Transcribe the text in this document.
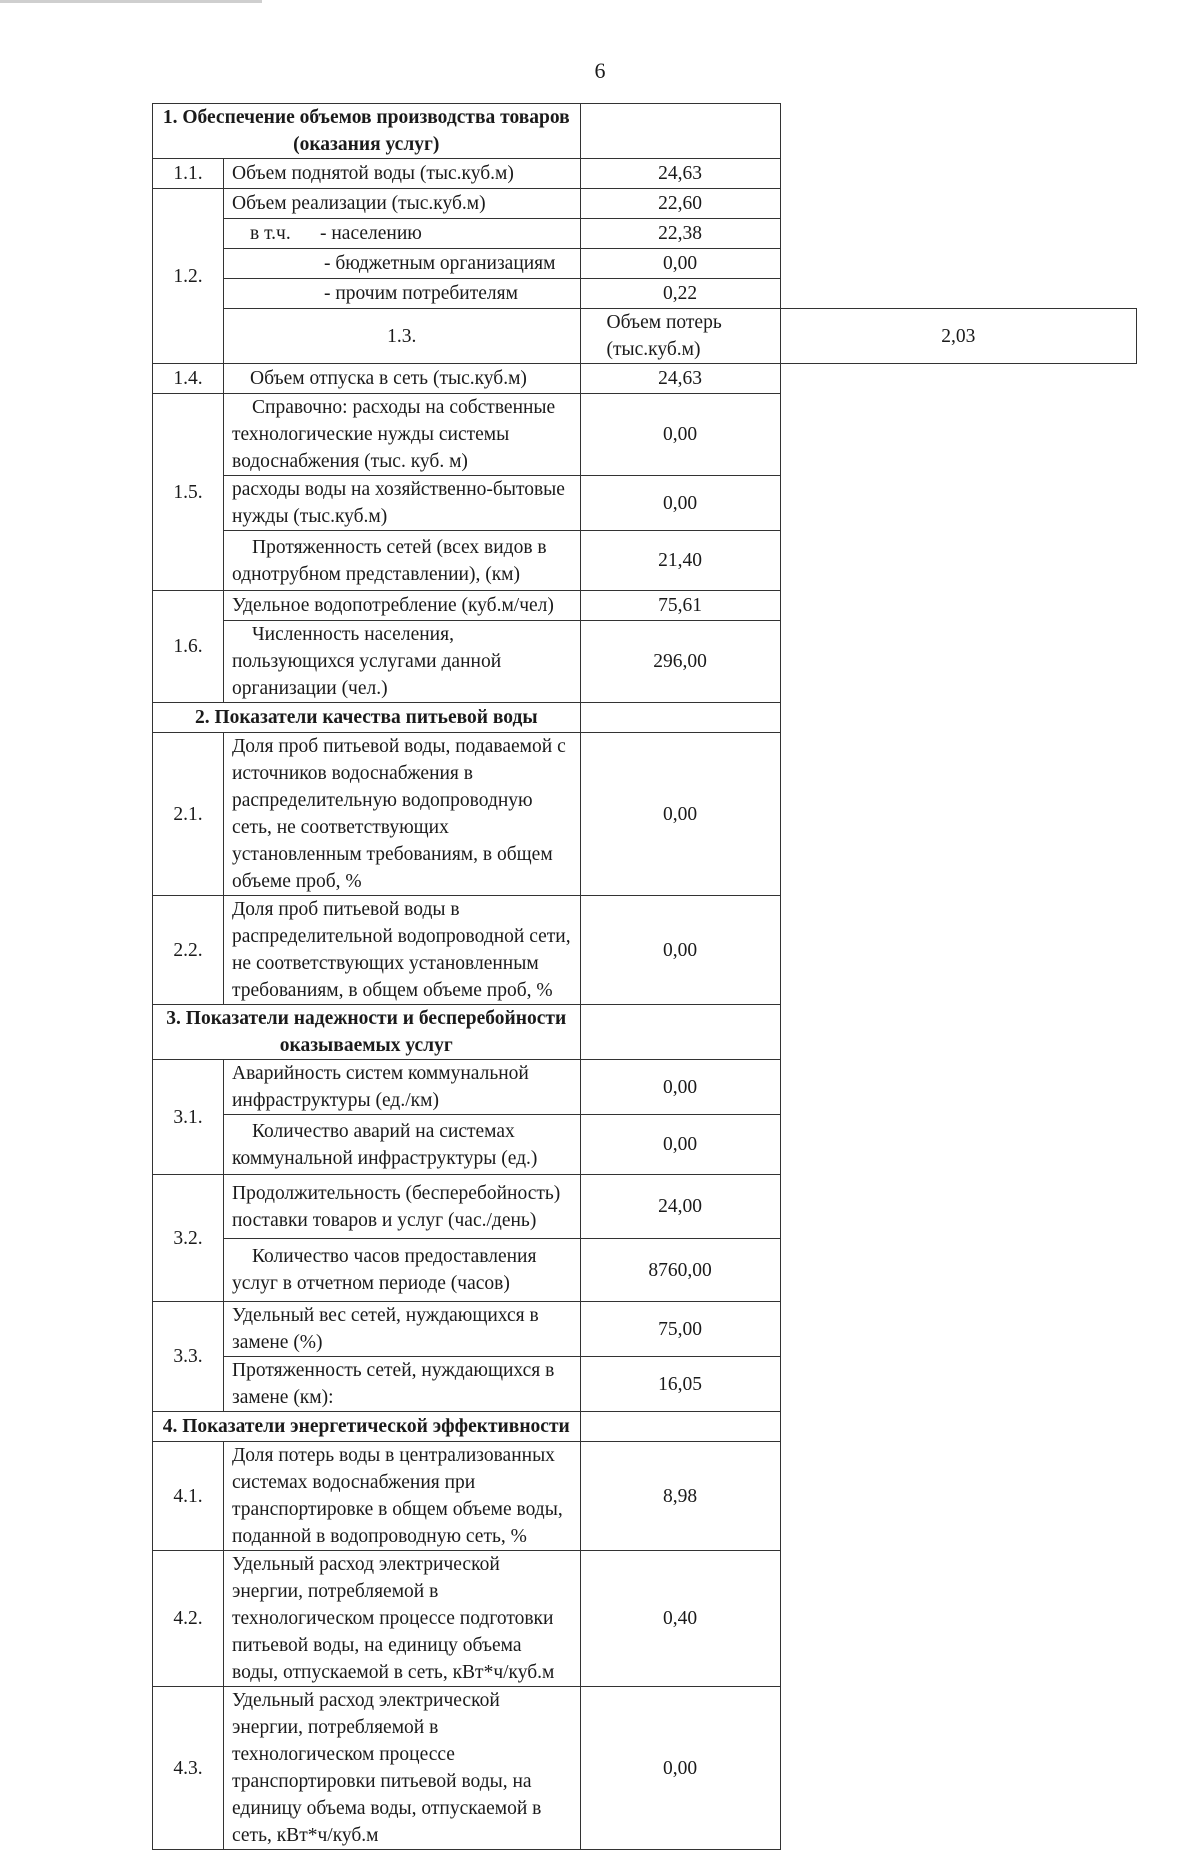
6
1. Обеспечение объемов производства товаров (оказания услуг)			
1.1.	Объем поднятой воды (тыс.куб.м)	24,63	
1.2.	Объем реализации (тыс.куб.м)	22,60	
	в т.ч. - населению	22,38	
	- бюджетным организациям	0,00	
	- прочим потребителям	0,22	
	1.3.	Объем потерь (тыс.куб.м)	2,03
1.4.	Объем отпуска в сеть (тыс.куб.м)	24,63	
1.5.	Справочно: расходы на собственные технологические нужды системы водоснабжения (тыс. куб. м)	0,00	
	расходы воды на хозяйственно-бытовые нужды (тыс.куб.м)	0,00	
	Протяженность сетей (всех видов в однотрубном представлении), (км)	21,40	
1.6.	Удельное водопотребление (куб.м/чел)	75,61	
	Численность населения, пользующихся услугами данной организации (чел.)	296,00	
2. Показатели качества питьевой воды			
2.1.	Доля проб питьевой воды, подаваемой с источников водоснабжения в распределительную водопроводную сеть, не соответствующих установленным требованиям, в общем объеме проб, %	0,00	
2.2.	Доля проб питьевой воды в распределительной водопроводной сети, не соответствующих установленным требованиям, в общем объеме проб, %	0,00	
3. Показатели надежности и бесперебойности оказываемых услуг			
3.1.	Аварийность систем коммунальной инфраструктуры (ед./км)	0,00	
	Количество аварий на системах коммунальной инфраструктуры (ед.)	0,00	
3.2.	Продолжительность (бесперебойность) поставки товаров и услуг (час./день)	24,00	
	Количество часов предоставления услуг в отчетном периоде (часов)	8760,00	
3.3.	Удельный вес сетей, нуждающихся в замене (%)	75,00	
	Протяженность сетей, нуждающихся в замене (км):	16,05	
4. Показатели энергетической эффективности			
4.1.	Доля потерь воды в централизованных системах водоснабжения при транспортировке в общем объеме воды, поданной в водопроводную сеть, %	8,98	
4.2.	Удельный расход электрической энергии, потребляемой в технологическом процессе подготовки питьевой воды, на единицу объема воды, отпускаемой в сеть, кВт*ч/куб.м	0,40	
4.3.	Удельный расход электрической энергии, потребляемой в технологическом процессе транспортировки питьевой воды, на единицу объема воды, отпускаемой в сеть, кВт*ч/куб.м	0,00	
